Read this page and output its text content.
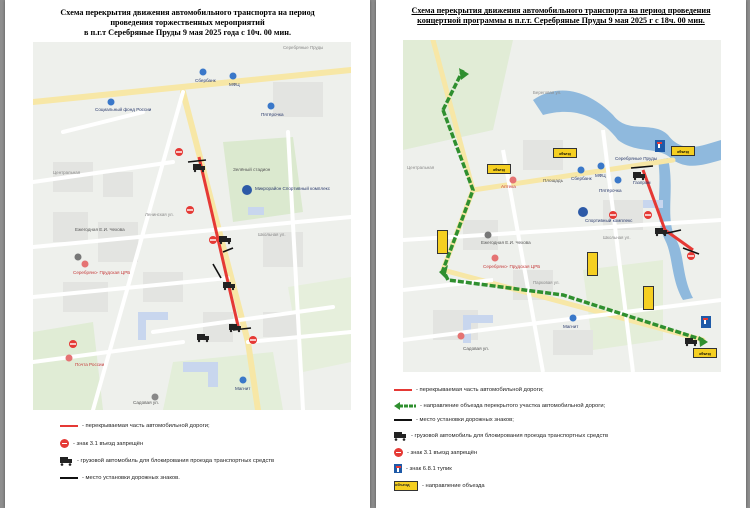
Схема перекрытия движения автомобильного транспорта на период
проведения торжественных мероприятий
в п.г.т Серебряные Пруды 9 мая 2025 года с 10ч. 00 мин.
Серебряные Пруды
Социальный фонд России
Сбербанк
МФЦ
Пятёрочка
Центральная
Зелёный стадион
Микрорайон Спортивный комплекс
Ежегодная Е.И. Чехова
Серебряно- Прудская ЦРБ
Школьная ул.
Ленинская ул.
Почта России
Магнит
Садовая ул.
- перекрываемая часть автомобильной дороги;
- знак 3.1 въезд запрещён
- грузовой автомобиль для блокирования проезда транспортных средств
- место установки дорожных знаков.
Схема перекрытия движения автомобильного транспорта на период проведения
концертной программы в п.г.т. Серебряные Пруды 9 мая 2025 г с 18ч. 00 мин.
объезд
объезд	объезд
объезд
Береговая ул.
Площадь
Серебряные Пруды
Пятёрочка
Центральная
Спортивный комплекс
Ежегодная Е.И. Чехова
Серебряно- Прудская ЦРБ
Аптека
Парковая ул.
Магнит
Школьная ул.
Садовая ул.
Газпром
Сбербанк
МФЦ
- перекрываемая часть автомобильной дороги;
- направление объезда перекрытого участка автомобильной дороги;
- место установки дорожных знаков;
- грузовой автомобиль для блокирования проезда транспортных средств
- знак 3.1 въезд запрещён
- знак 6.8.1 тупик
объезд	- направление объезда
